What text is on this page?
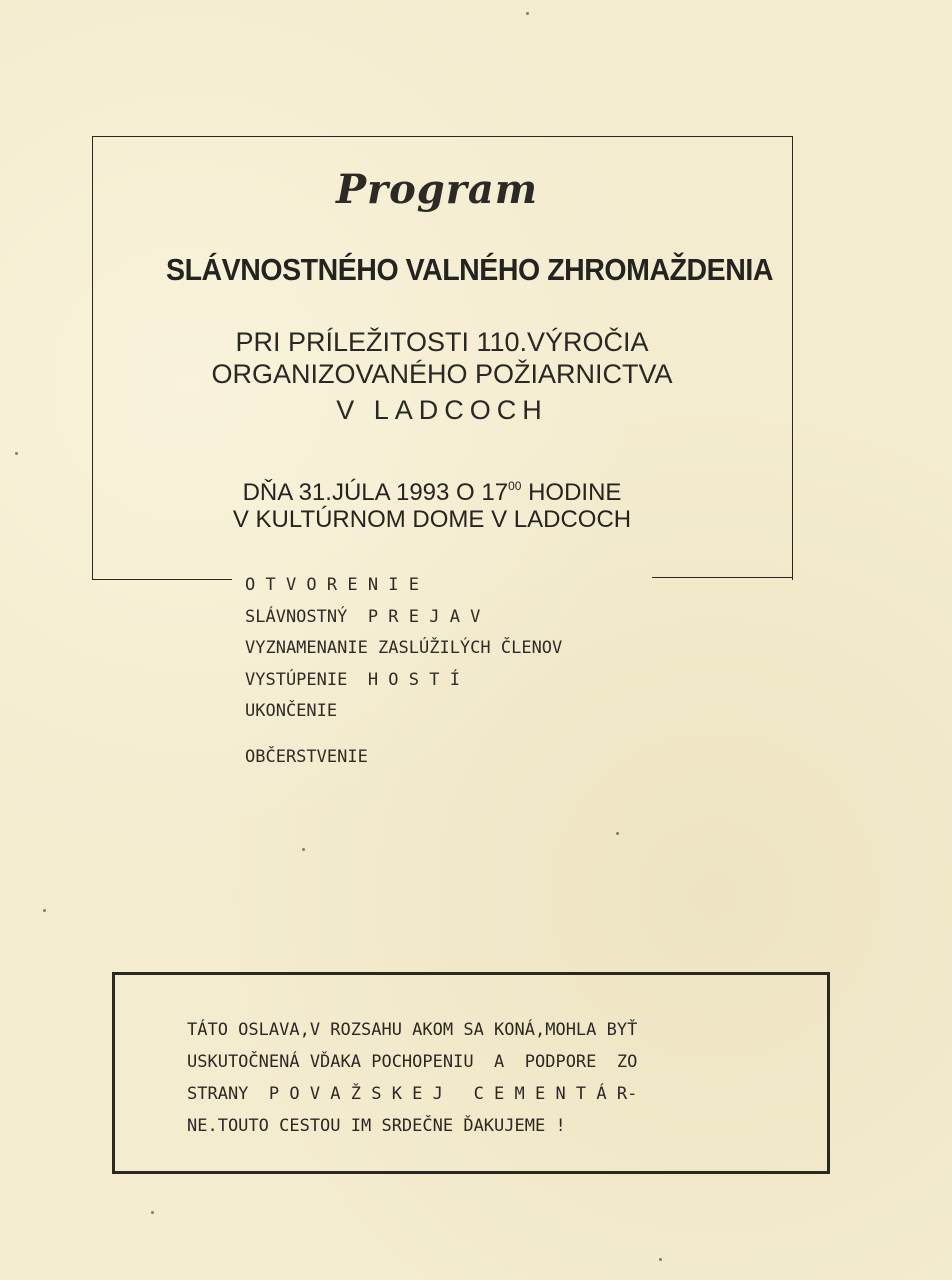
Program
SLÁVNOSTNÉHO VALNÉHO ZHROMAŽDENIA
PRI PRÍLEŽITOSTI 110.VÝROČIA
ORGANIZOVANÉHO POŽIARNICTVA
V LADCOCH
DŇA 31.JÚLA 1993 O $17^{00}$ HODINE
V KULTÚRNOM DOME V LADCOCH
O T V O R E N I E
SLÁVNOSTNÝ  P R E J A V
VYZNAMENANIE ZASLÚŽILÝCH ČLENOV
VYSTÚPENIE  H O S T Í
UKONČENIE
OBČERSTVENIE
TÁTO OSLAVA,V ROZSAHU AKOM SA KONÁ,MOHLA BYŤ
USKUTOČNENÁ VĎAKA POCHOPENIU  A  PODPORE  ZO
STRANY  P O V A Ž S K E J   C E M E N T Á R-
NE.TOUTO CESTOU IM SRDEČNE ĎAKUJEME !
